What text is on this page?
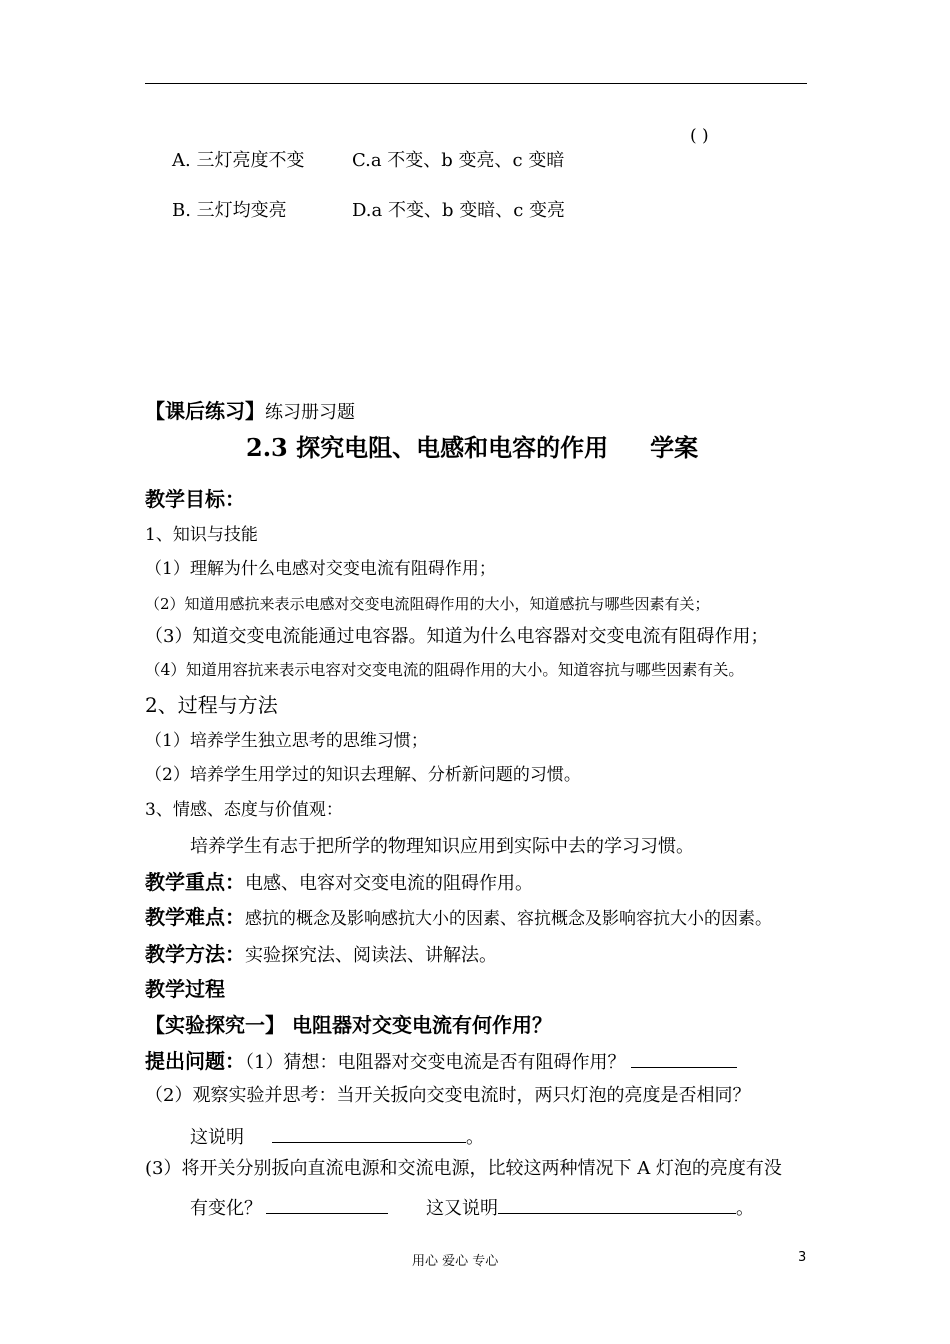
( )
A. 三灯亮度不变	C.a 不变、b 变亮、c 变暗
B. 三灯均变亮	D.a 不变、b 变暗、c 变亮
【课后练习】练习册习题
2.3 探究电阻、电感和电容的作用 学案
教学目标：
1、知识与技能
（1）理解为什么电感对交变电流有阻碍作用；
（2）知道用感抗来表示电感对交变电流阻碍作用的大小，知道感抗与哪些因素有关；
（3）知道交变电流能通过电容器。知道为什么电容器对交变电流有阻碍作用；
（4）知道用容抗来表示电容对交变电流的阻碍作用的大小。知道容抗与哪些因素有关。
2、过程与方法
（1）培养学生独立思考的思维习惯；
（2）培养学生用学过的知识去理解、分析新问题的习惯。
3、情感、态度与价值观：
培养学生有志于把所学的物理知识应用到实际中去的学习习惯。
教学重点：电感、电容对交变电流的阻碍作用。
教学难点：感抗的概念及影响感抗大小的因素、容抗概念及影响容抗大小的因素。
教学方法：实验探究法、阅读法、讲解法。
教学过程
【实验探究一】 电阻器对交变电流有何作用？
提出问题：（1）猜想：电阻器对交变电流是否有阻碍作用？
（2）观察实验并思考：当开关扳向交变电流时，两只灯泡的亮度是否相同？
这说明	。
(3）将开关分别扳向直流电源和交流电源，比较这两种情况下 A 灯泡的亮度有没
有变化？	这又说明	。
用心 爱心 专心	3
